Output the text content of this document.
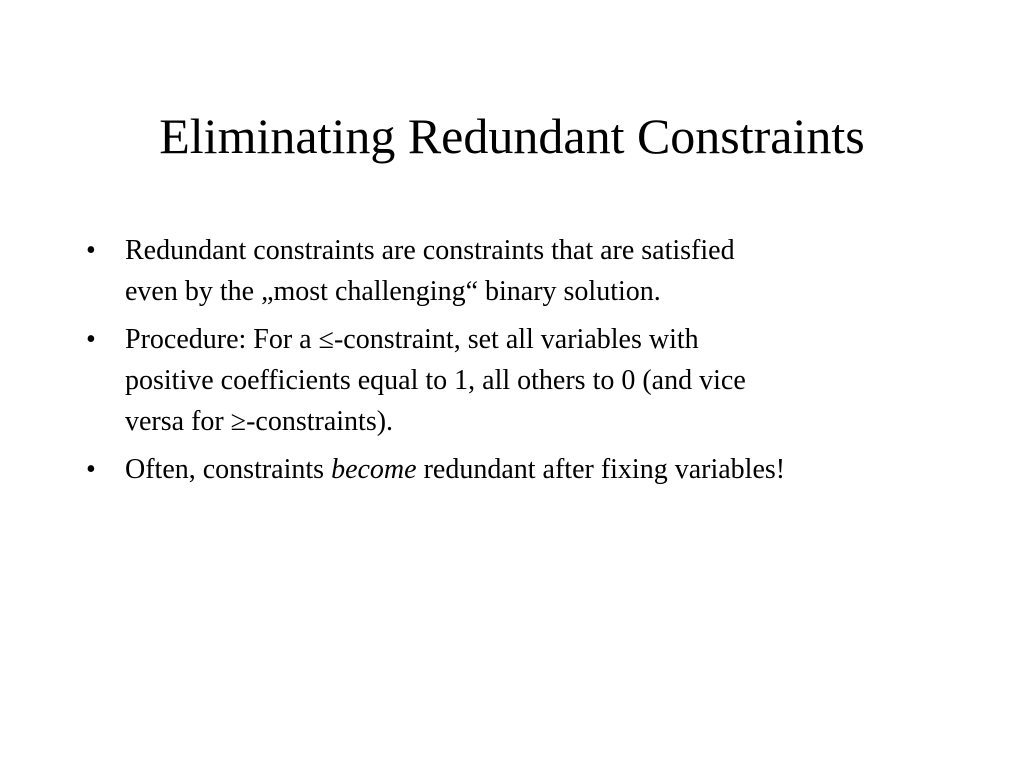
Eliminating Redundant Constraints
•	Redundant constraints are constraints that are satisfied
even by the „most challenging“ binary solution.
•	Procedure: For a ≤-constraint, set all variables with
positive coefficients equal to 1, all others to 0 (and vice
versa for ≥-constraints).
•	Often, constraints become redundant after fixing variables!
